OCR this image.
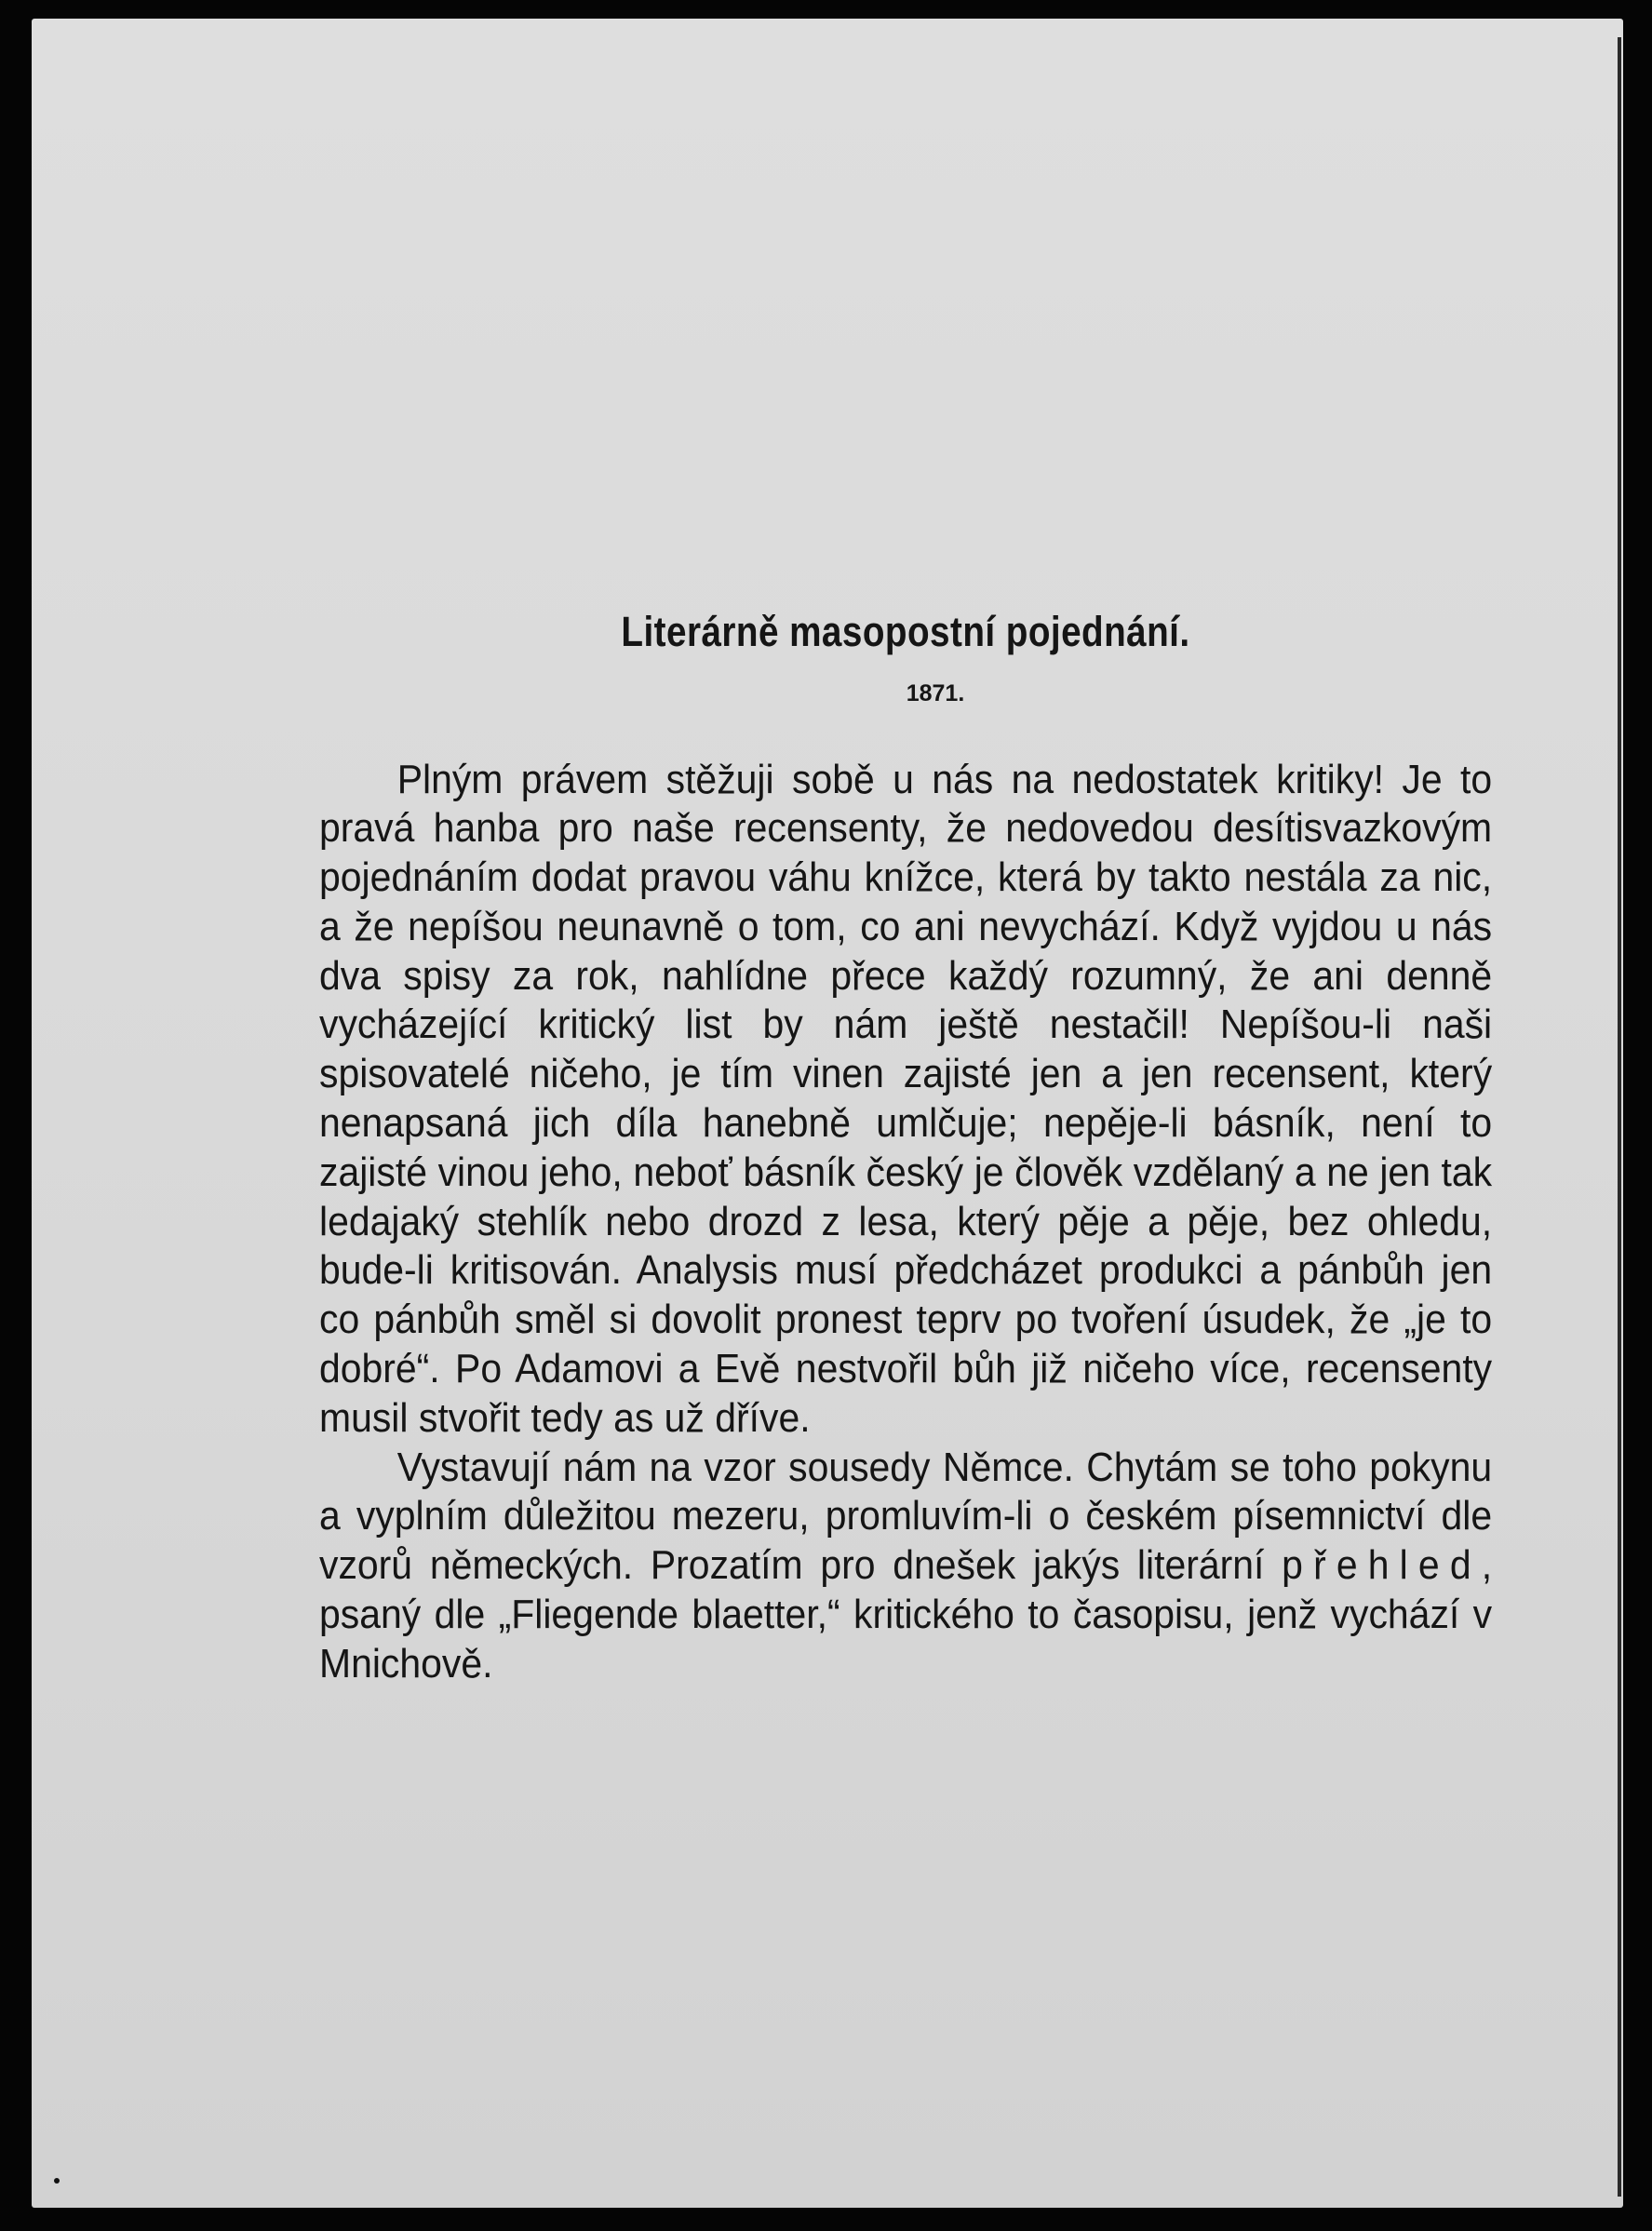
Literárně masopostní pojednání.
1871.

Plným právem stěžuji sobě u nás na nedostatek kritiky! Je to pravá hanba pro naše recensenty, že nedovedou desítisvazkovým pojednáním dodat pravou váhu knížce, která by takto nestála za nic, a že nepíšou neunavně o tom, co ani nevychází. Když vyjdou u nás dva spisy za rok, nahlídne přece každý rozumný, že ani denně vycházející kritický list by nám ještě nestačil! Nepíšou-li naši spisovatelé ničeho, je tím vinen zajisté jen a jen recensent, který nenapsaná jich díla hanebně umlčuje; nepěje-li básník, není to zajisté vinou jeho, neboť básník český je člověk vzdělaný a ne jen tak ledajaký stehlík nebo drozd z lesa, který pěje a pěje, bez ohledu, bude-li kritisován. Analysis musí předcházet produkci a pánbůh jen co pánbůh směl si dovolit pronest teprv po tvoření úsudek, že „je to dobré“. Po Adamovi a Evě nestvořil bůh již ničeho více, recensenty musil stvořit tedy as už dříve.

Vystavují nám na vzor sousedy Němce. Chytám se toho pokynu a vyplním důležitou mezeru, promluvím-li o českém písemnictví dle vzorů německých. Prozatím pro dnešek jakýs literární přehled, psaný dle „Fliegende blaetter,“ kritického to časopisu, jenž vychází v Mnichově.
